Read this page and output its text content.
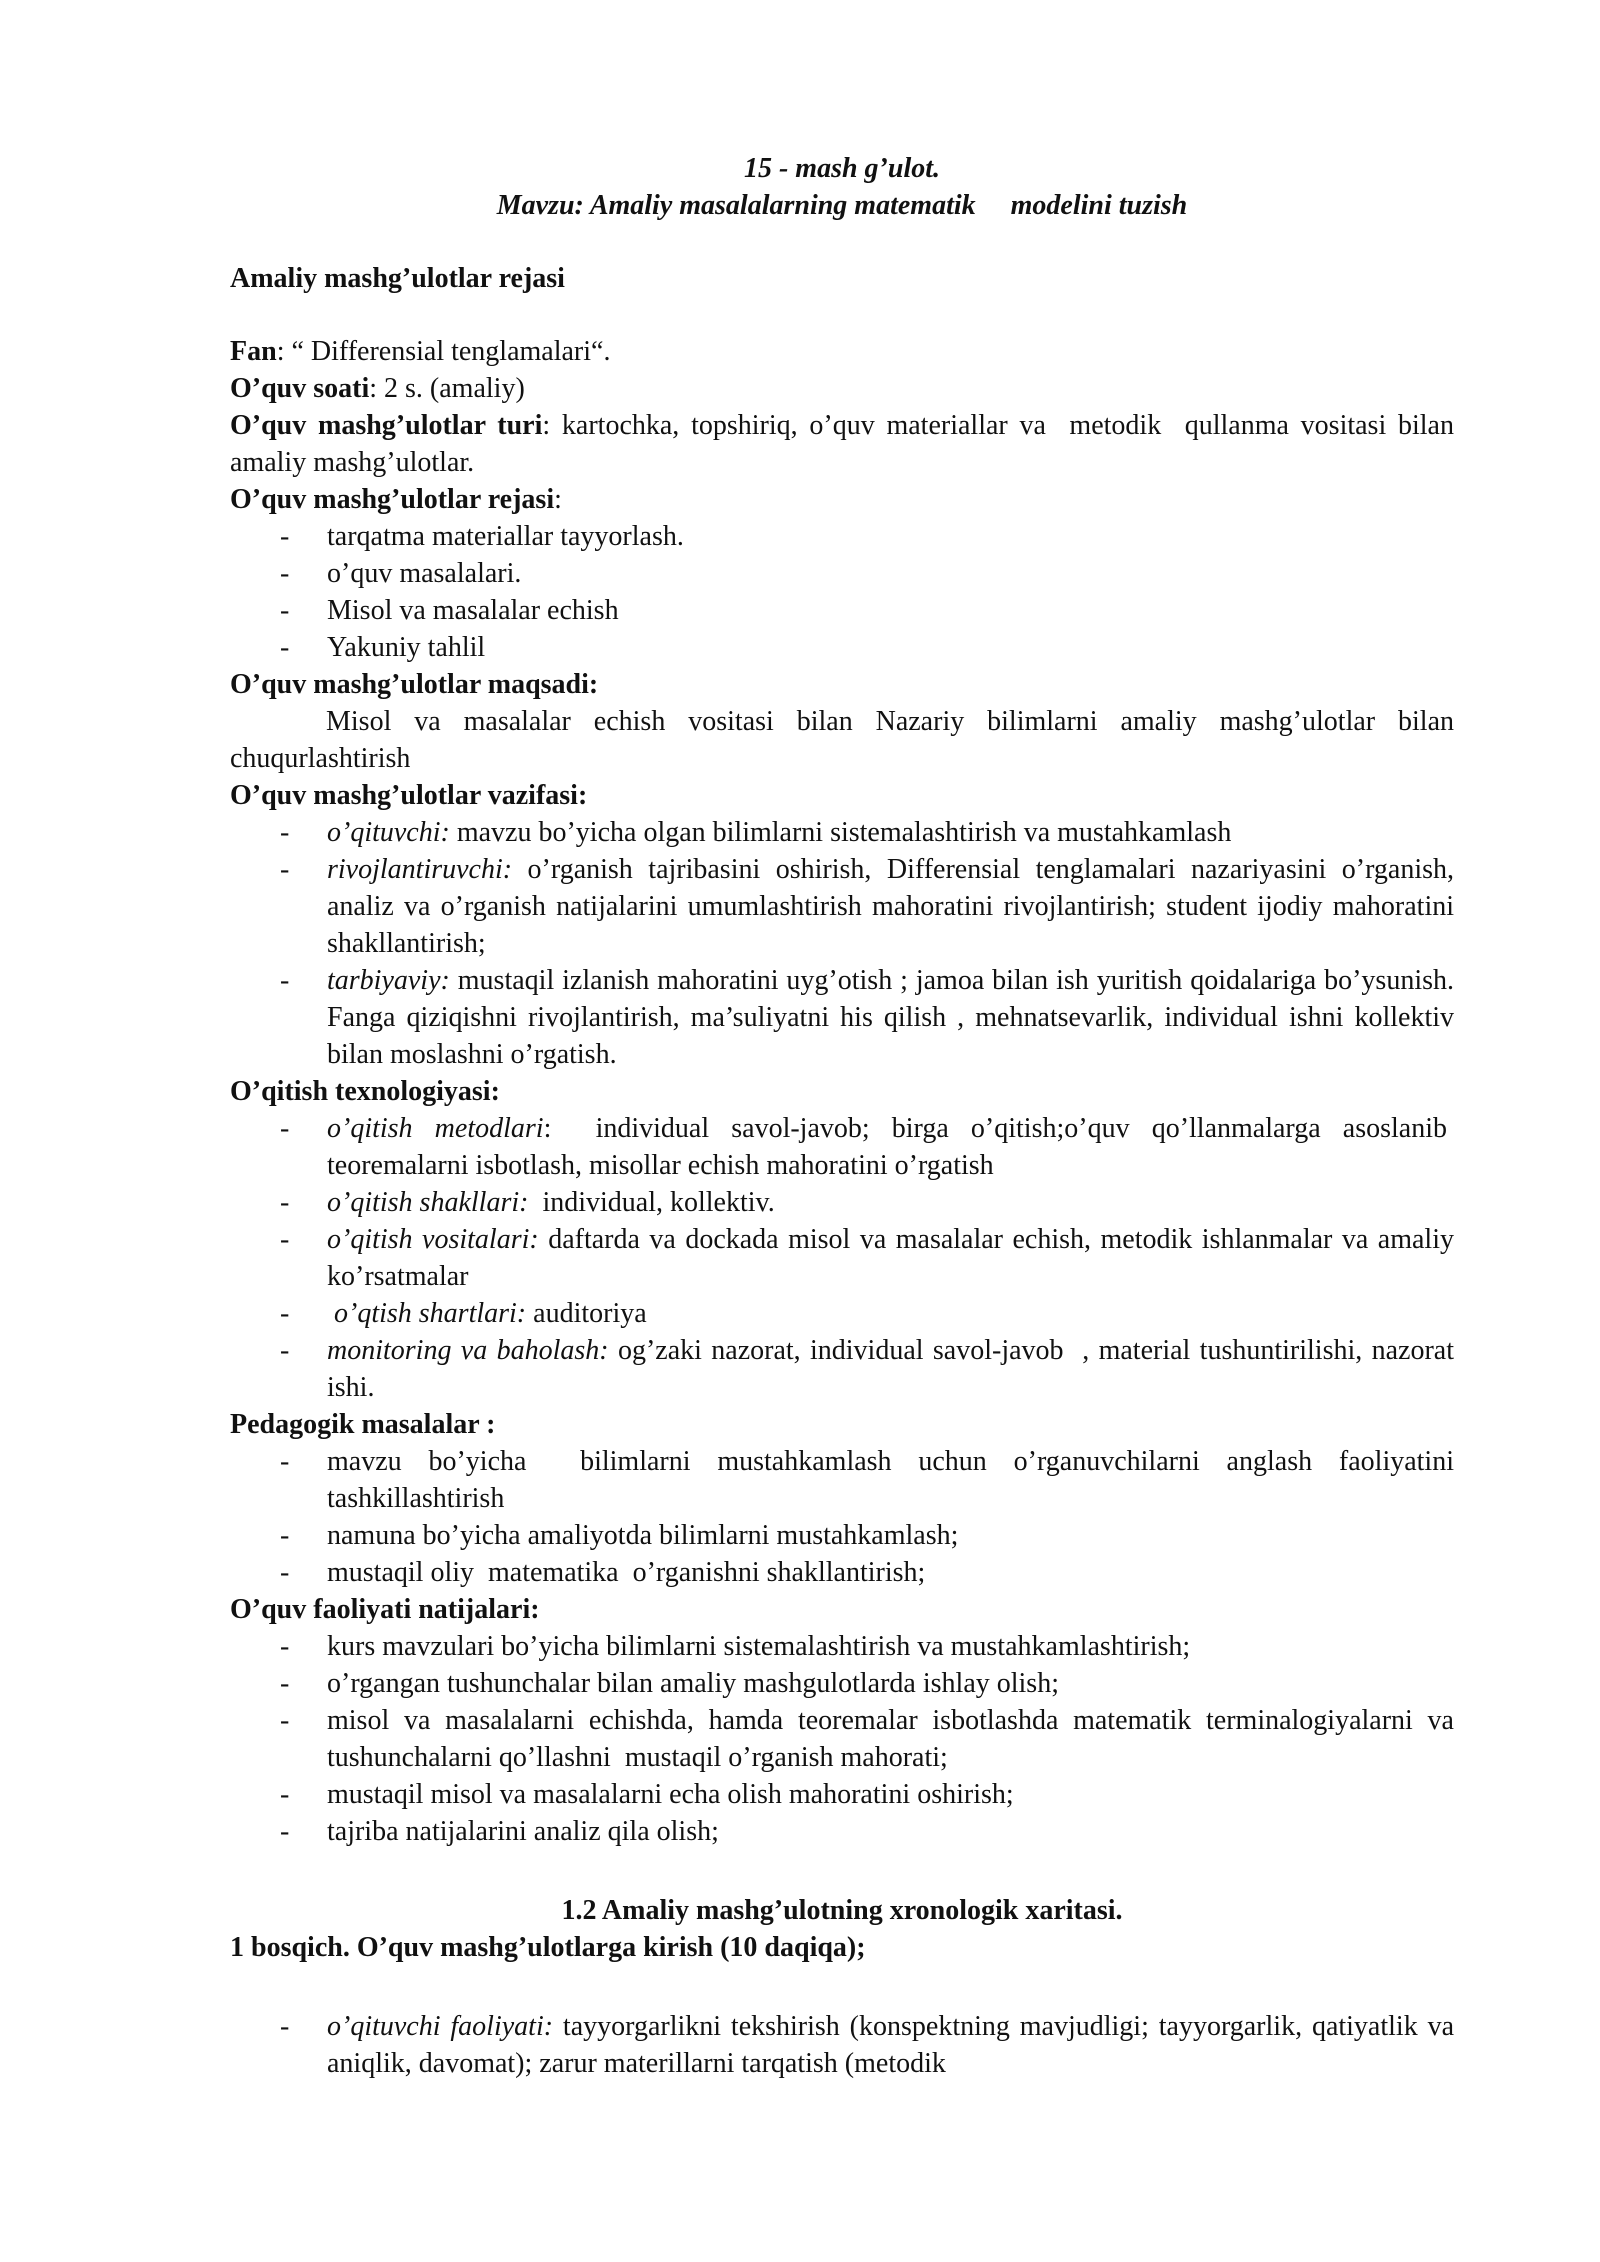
15 - mash g’ulot.
Mavzu: Amaliy masalalarning matematik     modelini tuzish
Amaliy mashg’ulotlar rejasi
Fan: “ Differensial tenglamalari“.
O’quv soati: 2 s. (amaliy)
O’quv mashg’ulotlar turi: kartochka, topshiriq, o’quv materiallar va  metodik  qullanma vositasi bilan amaliy mashg’ulotlar.
O’quv mashg’ulotlar rejasi:
- tarqatma materiallar tayyorlash.
- o’quv masalalari.
- Misol va masalalar echish
- Yakuniy tahlil
O’quv mashg’ulotlar maqsadi:
Misol va masalalar echish vositasi bilan Nazariy bilimlarni amaliy mashg’ulotlar bilan chuqurlashtirish
O’quv mashg’ulotlar vazifasi:
- o’qituvchi: mavzu bo’yicha olgan bilimlarni sistemalashtirish va mustahkamlash
- rivojlantiruvchi: o’rganish tajribasini oshirish, Differensial tenglamalari nazariyasini o’rganish, analiz va o’rganish natijalarini umumlashtirish mahoratini rivojlantirish; student ijodiy mahoratini shakllantirish;
- tarbiyaviy: mustaqil izlanish mahoratini uyg’otish ; jamoa bilan ish yuritish qoidalariga bo’ysunish. Fanga qiziqishni rivojlantirish, ma’suliyatni his qilish , mehnatsevarlik, individual ishni kollektiv bilan moslashni o’rgatish.
O’qitish texnologiyasi:
- o’qitish metodlari:  individual savol-javob; birga o’qitish;o’quv qo’llanmalarga asoslanib  teoremalarni isbotlash, misollar echish mahoratini o’rgatish
- o’qitish shakllari:  individual, kollektiv.
- o’qitish vositalari: daftarda va dockada misol va masalalar echish, metodik ishlanmalar va amaliy ko’rsatmalar
-  o’qtish shartlari: auditoriya
- monitoring va baholash: og’zaki nazorat, individual savol-javob  , material tushuntirilishi, nazorat ishi.
Pedagogik masalalar :
- mavzu bo’yicha  bilimlarni mustahkamlash uchun o’rganuvchilarni anglash faoliyatini tashkillashtirish
- namuna bo’yicha amaliyotda bilimlarni mustahkamlash;
- mustaqil oliy  matematika  o’rganishni shakllantirish;
O’quv faoliyati natijalari:
- kurs mavzulari bo’yicha bilimlarni sistemalashtirish va mustahkamlashtirish;
- o’rgangan tushunchalar bilan amaliy mashgulotlarda ishlay olish;
- misol va masalalarni echishda, hamda teoremalar isbotlashda matematik terminalogiyalarni va tushunchalarni qo’llashni  mustaqil o’rganish mahorati;
- mustaqil misol va masalalarni echa olish mahoratini oshirish;
- tajriba natijalarini analiz qila olish;
1.2 Amaliy mashg’ulotning xronologik xaritasi.
1 bosqich. O’quv mashg’ulotlarga kirish (10 daqiqa);
- o’qituvchi faoliyati: tayyorgarlikni tekshirish (konspektning mavjudligi; tayyorgarlik, qatiyatlik va aniqlik, davomat); zarur materillarni tarqatish (metodik
